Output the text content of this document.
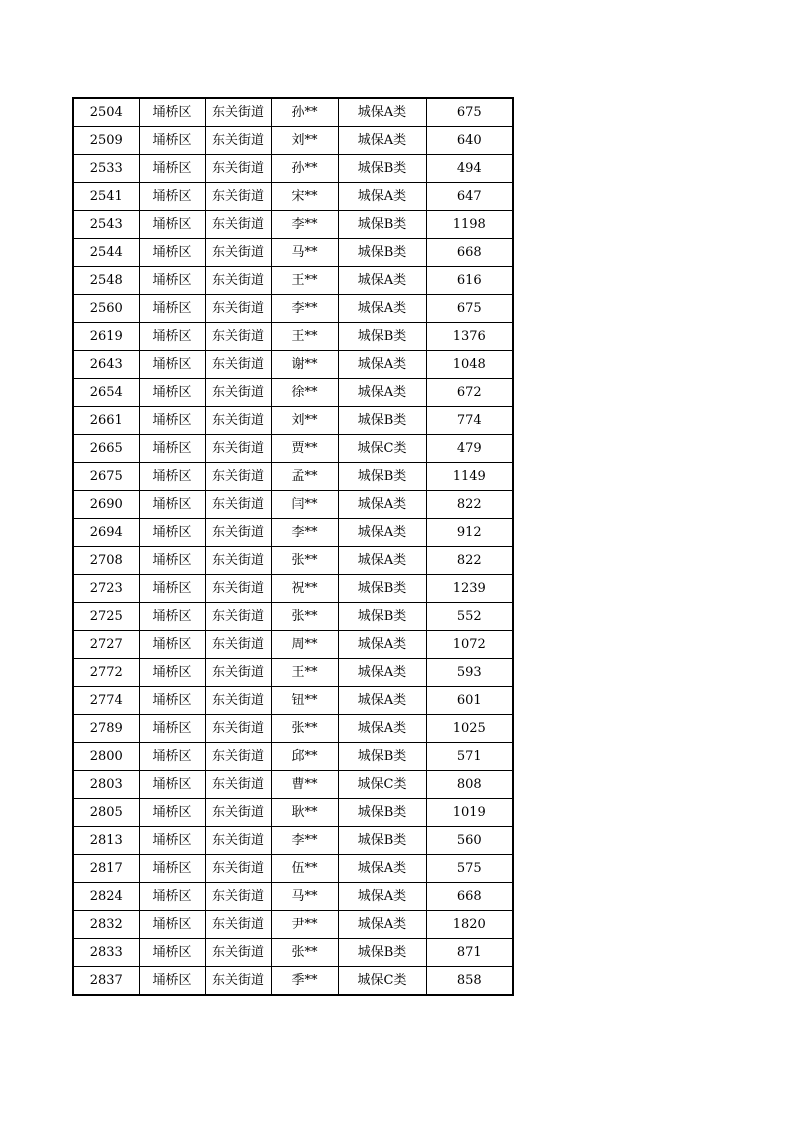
2504	埇桥区	东关街道	孙**	城保A类	675
2509	埇桥区	东关街道	刘**	城保A类	640
2533	埇桥区	东关街道	孙**	城保B类	494
2541	埇桥区	东关街道	宋**	城保A类	647
2543	埇桥区	东关街道	李**	城保B类	1198
2544	埇桥区	东关街道	马**	城保B类	668
2548	埇桥区	东关街道	王**	城保A类	616
2560	埇桥区	东关街道	李**	城保A类	675
2619	埇桥区	东关街道	王**	城保B类	1376
2643	埇桥区	东关街道	谢**	城保A类	1048
2654	埇桥区	东关街道	徐**	城保A类	672
2661	埇桥区	东关街道	刘**	城保B类	774
2665	埇桥区	东关街道	贾**	城保C类	479
2675	埇桥区	东关街道	孟**	城保B类	1149
2690	埇桥区	东关街道	闫**	城保A类	822
2694	埇桥区	东关街道	李**	城保A类	912
2708	埇桥区	东关街道	张**	城保A类	822
2723	埇桥区	东关街道	祝**	城保B类	1239
2725	埇桥区	东关街道	张**	城保B类	552
2727	埇桥区	东关街道	周**	城保A类	1072
2772	埇桥区	东关街道	王**	城保A类	593
2774	埇桥区	东关街道	钮**	城保A类	601
2789	埇桥区	东关街道	张**	城保A类	1025
2800	埇桥区	东关街道	邱**	城保B类	571
2803	埇桥区	东关街道	曹**	城保C类	808
2805	埇桥区	东关街道	耿**	城保B类	1019
2813	埇桥区	东关街道	李**	城保B类	560
2817	埇桥区	东关街道	伍**	城保A类	575
2824	埇桥区	东关街道	马**	城保A类	668
2832	埇桥区	东关街道	尹**	城保A类	1820
2833	埇桥区	东关街道	张**	城保B类	871
2837	埇桥区	东关街道	季**	城保C类	858
